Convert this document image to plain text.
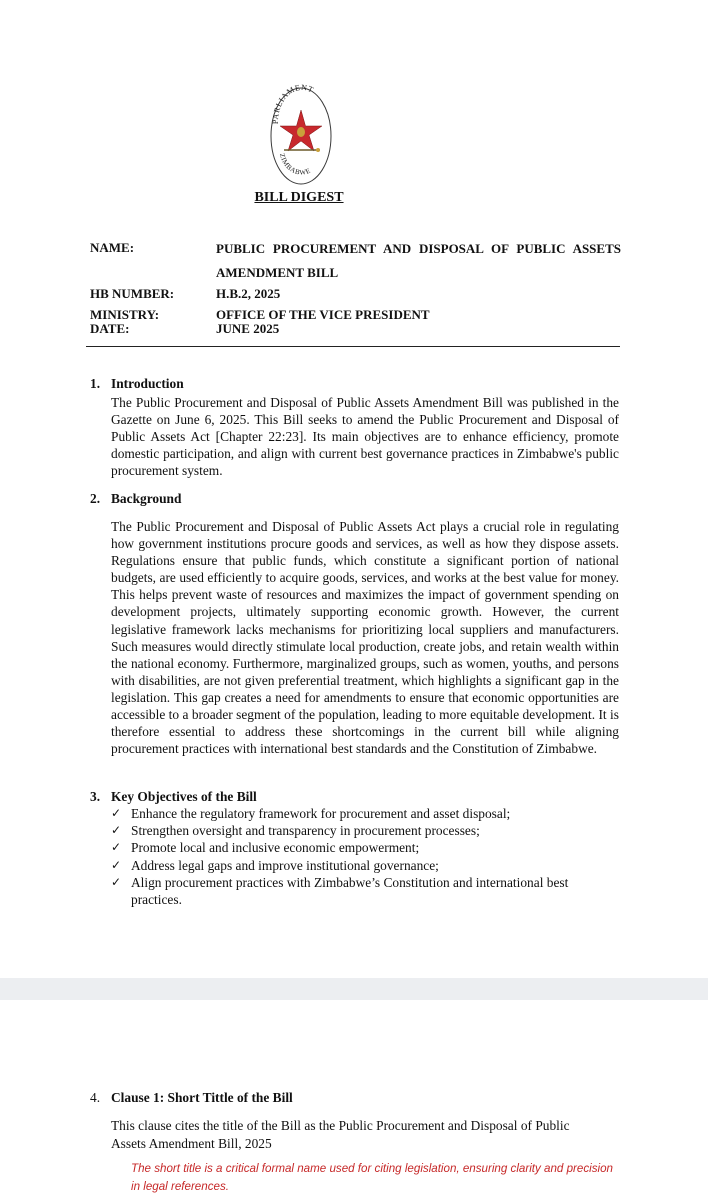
PARLIAMENT
ZIMBABWE
BILL DIGEST
NAME:	PUBLIC PROCUREMENT AND DISPOSAL OF PUBLIC ASSETS AMENDMENT BILL
HB NUMBER:	H.B.2, 2025
MINISTRY:	OFFICE OF THE VICE PRESIDENT
DATE:	JUNE 2025
1. Introduction

The Public Procurement and Disposal of Public Assets Amendment Bill was published in the Gazette on June 6, 2025. This Bill seeks to amend the Public Procurement and Disposal of Public Assets Act [Chapter 22:23]. Its main objectives are to enhance efficiency, promote domestic participation, and align with current best governance practices in Zimbabwe's public procurement system.

2. Background

The Public Procurement and Disposal of Public Assets Act plays a crucial role in regulating how government institutions procure goods and services, as well as how they dispose assets. Regulations ensure that public funds, which constitute a significant portion of national budgets, are used efficiently to acquire goods, services, and works at the best value for money. This helps prevent waste of resources and maximizes the impact of government spending on development projects, ultimately supporting economic growth. However, the current legislative framework lacks mechanisms for prioritizing local suppliers and manufacturers. Such measures would directly stimulate local production, create jobs, and retain wealth within the national economy. Furthermore, marginalized groups, such as women, youths, and persons with disabilities, are not given preferential treatment, which highlights a significant gap in the legislation. This gap creates a need for amendments to ensure that economic opportunities are accessible to a broader segment of the population, leading to more equitable development. It is therefore essential to address these shortcomings in the current bill while aligning procurement practices with international best standards and the Constitution of Zimbabwe.

3. Key Objectives of the Bill
✓ Enhance the regulatory framework for procurement and asset disposal;
✓ Strengthen oversight and transparency in procurement processes;
✓ Promote local and inclusive economic empowerment;
✓ Address legal gaps and improve institutional governance;
✓ Align procurement practices with Zimbabwe’s Constitution and international best practices.
4. Clause 1: Short Tittle of the Bill

This clause cites the title of the Bill as the Public Procurement and Disposal of Public Assets Amendment Bill, 2025

The short title is a critical formal name used for citing legislation, ensuring clarity and precision in legal references.
